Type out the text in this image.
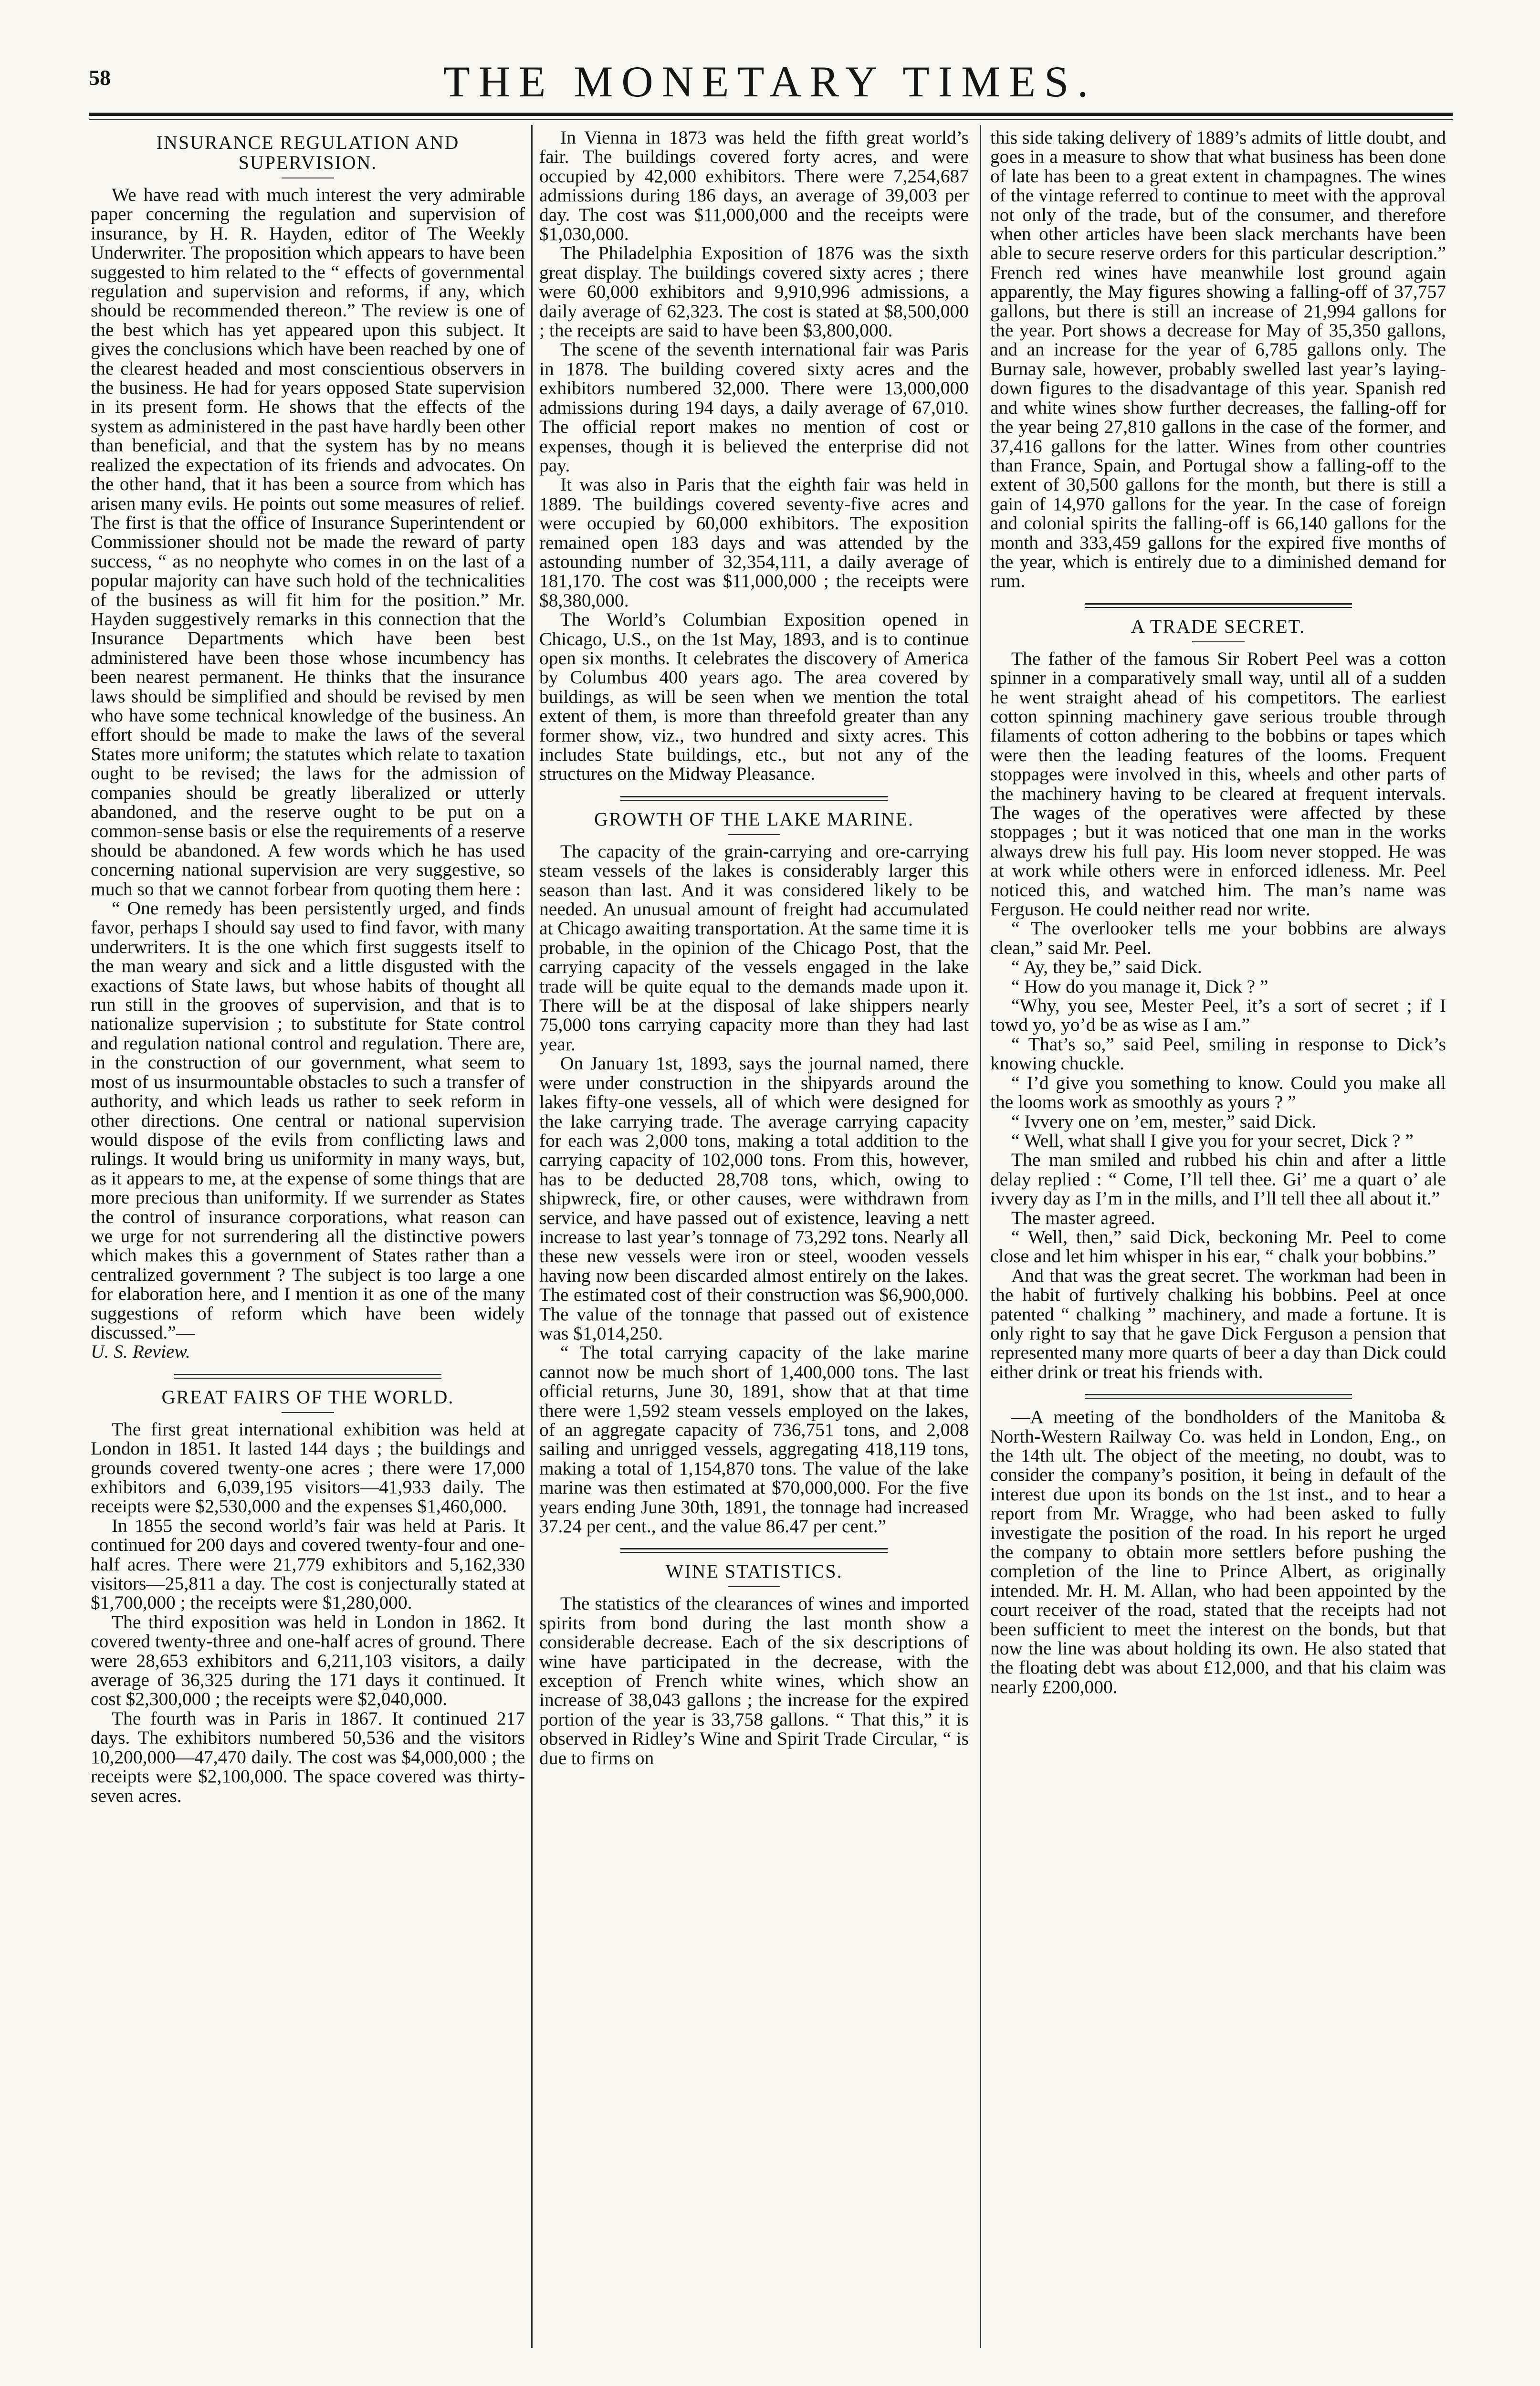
58	THE MONETARY TIMES.
INSURANCE REGULATION AND SUPERVISION.

We have read with much interest the very admirable paper concerning the regulation and supervision of insurance, by H. R. Hayden, editor of The Weekly Underwriter. The proposition which appears to have been suggested to him related to the “ effects of governmental regulation and supervision and reforms, if any, which should be recommended thereon.” The review is one of the best which has yet appeared upon this subject. It gives the conclusions which have been reached by one of the clearest headed and most conscientious observers in the business. He had for years opposed State supervision in its present form. He shows that the effects of the system as administered in the past have hardly been other than beneficial, and that the system has by no means realized the expectation of its friends and advocates. On the other hand, that it has been a source from which has arisen many evils. He points out some measures of relief. The first is that the office of Insurance Superintendent or Commissioner should not be made the reward of party success, “ as no neophyte who comes in on the last of a popular majority can have such hold of the technicalities of the business as will fit him for the position.” Mr. Hayden suggestively remarks in this connection that the Insurance Departments which have been best administered have been those whose incumbency has been nearest permanent. He thinks that the insurance laws should be simplified and should be revised by men who have some technical knowledge of the business. An effort should be made to make the laws of the several States more uniform; the statutes which relate to taxation ought to be revised; the laws for the admission of companies should be greatly liberalized or utterly abandoned, and the reserve ought to be put on a common-sense basis or else the requirements of a reserve should be abandoned. A few words which he has used concerning national supervision are very suggestive, so much so that we cannot forbear from quoting them here :

“ One remedy has been persistently urged, and finds favor, perhaps I should say used to find favor, with many underwriters. It is the one which first suggests itself to the man weary and sick and a little disgusted with the exactions of State laws, but whose habits of thought all run still in the grooves of supervision, and that is to nationalize supervision ; to substitute for State control and regulation national control and regulation. There are, in the construction of our government, what seem to most of us insurmountable obstacles to such a transfer of authority, and which leads us rather to seek reform in other directions. One central or national supervision would dispose of the evils from conflicting laws and rulings. It would bring us uniformity in many ways, but, as it appears to me, at the expense of some things that are more precious than uniformity. If we surrender as States the control of insurance corporations, what reason can we urge for not surrendering all the distinctive powers which makes this a government of States rather than a centralized government ? The subject is too large a one for elaboration here, and I mention it as one of the many suggestions of reform which have been widely discussed.”—

U. S. Review.

GREAT FAIRS OF THE WORLD.

The first great international exhibition was held at London in 1851. It lasted 144 days ; the buildings and grounds covered twenty-one acres ; there were 17,000 exhibitors and 6,039,195 visitors—41,933 daily. The receipts were $2,530,000 and the expenses $1,460,000.

In 1855 the second world’s fair was held at Paris. It continued for 200 days and covered twenty-four and one-half acres. There were 21,779 exhibitors and 5,162,330 visitors—25,811 a day. The cost is conjecturally stated at $1,700,000 ; the receipts were $1,280,000.

The third exposition was held in London in 1862. It covered twenty-three and one-half acres of ground. There were 28,653 exhibitors and 6,211,103 visitors, a daily average of 36,325 during the 171 days it continued. It cost $2,300,000 ; the receipts were $2,040,000.

The fourth was in Paris in 1867. It continued 217 days. The exhibitors numbered 50,536 and the visitors 10,200,000—47,470 daily. The cost was $4,000,000 ; the receipts were $2,100,000. The space covered was thirty-seven acres.

In Vienna in 1873 was held the fifth great world’s fair. The buildings covered forty acres, and were occupied by 42,000 exhibitors. There were 7,254,687 admissions during 186 days, an average of 39,003 per day. The cost was $11,000,000 and the receipts were $1,030,000.

The Philadelphia Exposition of 1876 was the sixth great display. The buildings covered sixty acres ; there were 60,000 exhibitors and 9,910,996 admissions, a daily average of 62,323. The cost is stated at $8,500,000 ; the receipts are said to have been $3,800,000.

The scene of the seventh international fair was Paris in 1878. The building covered sixty acres and the exhibitors numbered 32,000. There were 13,000,000 admissions during 194 days, a daily average of 67,010. The official report makes no mention of cost or expenses, though it is believed the enterprise did not pay.

It was also in Paris that the eighth fair was held in 1889. The buildings covered seventy-five acres and were occupied by 60,000 exhibitors. The exposition remained open 183 days and was attended by the astounding number of 32,354,111, a daily average of 181,170. The cost was $11,000,000 ; the receipts were $8,380,000.

The World’s Columbian Exposition opened in Chicago, U.S., on the 1st May, 1893, and is to continue open six months. It celebrates the discovery of America by Columbus 400 years ago. The area covered by buildings, as will be seen when we mention the total extent of them, is more than threefold greater than any former show, viz., two hundred and sixty acres. This includes State buildings, etc., but not any of the structures on the Midway Pleasance.

GROWTH OF THE LAKE MARINE.

The capacity of the grain-carrying and ore-carrying steam vessels of the lakes is considerably larger this season than last. And it was considered likely to be needed. An unusual amount of freight had accumulated at Chicago awaiting transportation. At the same time it is probable, in the opinion of the Chicago Post, that the carrying capacity of the vessels engaged in the lake trade will be quite equal to the demands made upon it. There will be at the disposal of lake shippers nearly 75,000 tons carrying capacity more than they had last year.

On January 1st, 1893, says the journal named, there were under construction in the shipyards around the lakes fifty-one vessels, all of which were designed for the lake carrying trade. The average carrying capacity for each was 2,000 tons, making a total addition to the carrying capacity of 102,000 tons. From this, however, has to be deducted 28,708 tons, which, owing to shipwreck, fire, or other causes, were withdrawn from service, and have passed out of existence, leaving a nett increase to last year’s tonnage of 73,292 tons. Nearly all these new vessels were iron or steel, wooden vessels having now been discarded almost entirely on the lakes. The estimated cost of their construction was $6,900,000. The value of the tonnage that passed out of existence was $1,014,250.

“ The total carrying capacity of the lake marine cannot now be much short of 1,400,000 tons. The last official returns, June 30, 1891, show that at that time there were 1,592 steam vessels employed on the lakes, of an aggregate capacity of 736,751 tons, and 2,008 sailing and unrigged vessels, aggregating 418,119 tons, making a total of 1,154,870 tons. The value of the lake marine was then estimated at $70,000,000. For the five years ending June 30th, 1891, the tonnage had increased 37.24 per cent., and the value 86.47 per cent.”

WINE STATISTICS.

The statistics of the clearances of wines and imported spirits from bond during the last month show a considerable decrease. Each of the six descriptions of wine have participated in the decrease, with the exception of French white wines, which show an increase of 38,043 gallons ; the increase for the expired portion of the year is 33,758 gallons. “ That this,” it is observed in Ridley’s Wine and Spirit Trade Circular, “ is due to firms on

this side taking delivery of 1889’s admits of little doubt, and goes in a measure to show that what business has been done of late has been to a great extent in champagnes. The wines of the vintage referred to continue to meet with the approval not only of the trade, but of the consumer, and therefore when other articles have been slack merchants have been able to secure reserve orders for this particular description.” French red wines have meanwhile lost ground again apparently, the May figures showing a falling-off of 37,757 gallons, but there is still an increase of 21,994 gallons for the year. Port shows a decrease for May of 35,350 gallons, and an increase for the year of 6,785 gallons only. The Burnay sale, however, probably swelled last year’s laying-down figures to the disadvantage of this year. Spanish red and white wines show further decreases, the falling-off for the year being 27,810 gallons in the case of the former, and 37,416 gallons for the latter. Wines from other countries than France, Spain, and Portugal show a falling-off to the extent of 30,500 gallons for the month, but there is still a gain of 14,970 gallons for the year. In the case of foreign and colonial spirits the falling-off is 66,140 gallons for the month and 333,459 gallons for the expired five months of the year, which is entirely due to a diminished demand for rum.

A TRADE SECRET.

The father of the famous Sir Robert Peel was a cotton spinner in a comparatively small way, until all of a sudden he went straight ahead of his competitors. The earliest cotton spinning machinery gave serious trouble through filaments of cotton adhering to the bobbins or tapes which were then the leading features of the looms. Frequent stoppages were involved in this, wheels and other parts of the machinery having to be cleared at frequent intervals. The wages of the operatives were affected by these stoppages ; but it was noticed that one man in the works always drew his full pay. His loom never stopped. He was at work while others were in enforced idleness. Mr. Peel noticed this, and watched him. The man’s name was Ferguson. He could neither read nor write.

“ The overlooker tells me your bobbins are always clean,” said Mr. Peel.

“ Ay, they be,” said Dick.

“ How do you manage it, Dick ? ”

“Why, you see, Mester Peel, it’s a sort of secret ; if I towd yo, yo’d be as wise as I am.”

“ That’s so,” said Peel, smiling in response to Dick’s knowing chuckle.

“ I’d give you something to know. Could you make all the looms work as smoothly as yours ? ”

“ Ivvery one on ’em, mester,” said Dick.

“ Well, what shall I give you for your secret, Dick ? ”

The man smiled and rubbed his chin and after a little delay replied : “ Come, I’ll tell thee. Gi’ me a quart o’ ale ivvery day as I’m in the mills, and I’ll tell thee all about it.”

The master agreed.

“ Well, then,” said Dick, beckoning Mr. Peel to come close and let him whisper in his ear, “ chalk your bobbins.”

And that was the great secret. The workman had been in the habit of furtively chalking his bobbins. Peel at once patented “ chalking ” machinery, and made a fortune. It is only right to say that he gave Dick Ferguson a pension that represented many more quarts of beer a day than Dick could either drink or treat his friends with.

—A meeting of the bondholders of the Manitoba & North-Western Railway Co. was held in London, Eng., on the 14th ult. The object of the meeting, no doubt, was to consider the company’s position, it being in default of the interest due upon its bonds on the 1st inst., and to hear a report from Mr. Wragge, who had been asked to fully investigate the position of the road. In his report he urged the company to obtain more settlers before pushing the completion of the line to Prince Albert, as originally intended. Mr. H. M. Allan, who had been appointed by the court receiver of the road, stated that the receipts had not been sufficient to meet the interest on the bonds, but that now the line was about holding its own. He also stated that the floating debt was about £12,000, and that his claim was nearly £200,000.
